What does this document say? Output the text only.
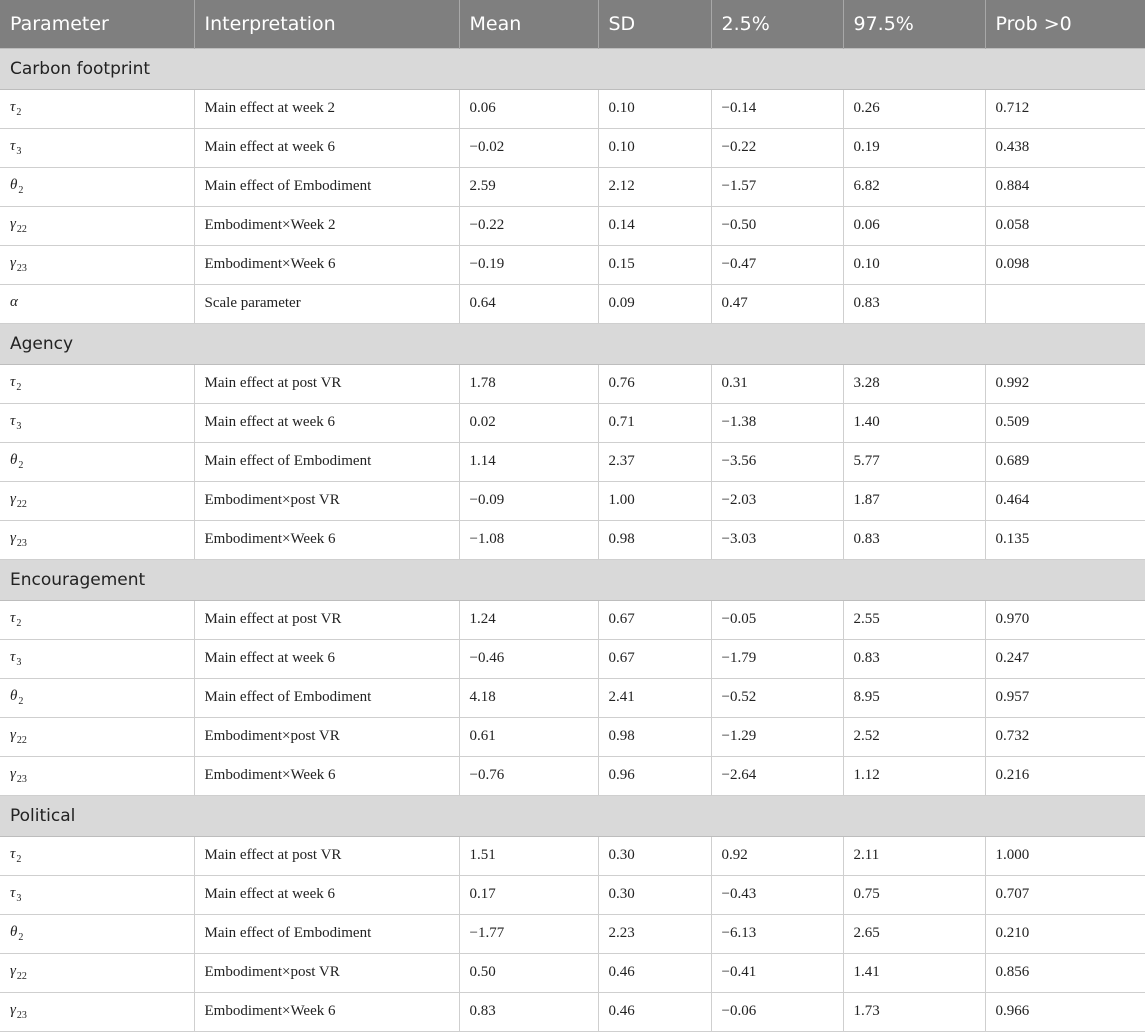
Parameter	Interpretation	Mean	SD	2.5%	97.5%	Prob >0
Carbon footprint						
$\tau_2$	Main effect at week 2	0.06	0.10	−0.14	0.26	0.712
$\tau_3$	Main effect at week 6	−0.02	0.10	−0.22	0.19	0.438
$\theta_2$	Main effect of Embodiment	2.59	2.12	−1.57	6.82	0.884
$\gamma_{22}$	Embodiment×Week 2	−0.22	0.14	−0.50	0.06	0.058
$\gamma_{23}$	Embodiment×Week 6	−0.19	0.15	−0.47	0.10	0.098
α	Scale parameter	0.64	0.09	0.47	0.83	
Agency						
$\tau_2$	Main effect at post VR	1.78	0.76	0.31	3.28	0.992
$\tau_3$	Main effect at week 6	0.02	0.71	−1.38	1.40	0.509
$\theta_2$	Main effect of Embodiment	1.14	2.37	−3.56	5.77	0.689
$\gamma_{22}$	Embodiment×post VR	−0.09	1.00	−2.03	1.87	0.464
$\gamma_{23}$	Embodiment×Week 6	−1.08	0.98	−3.03	0.83	0.135
Encouragement						
$\tau_2$	Main effect at post VR	1.24	0.67	−0.05	2.55	0.970
$\tau_3$	Main effect at week 6	−0.46	0.67	−1.79	0.83	0.247
$\theta_2$	Main effect of Embodiment	4.18	2.41	−0.52	8.95	0.957
$\gamma_{22}$	Embodiment×post VR	0.61	0.98	−1.29	2.52	0.732
$\gamma_{23}$	Embodiment×Week 6	−0.76	0.96	−2.64	1.12	0.216
Political						
$\tau_2$	Main effect at post VR	1.51	0.30	0.92	2.11	1.000
$\tau_3$	Main effect at week 6	0.17	0.30	−0.43	0.75	0.707
$\theta_2$	Main effect of Embodiment	−1.77	2.23	−6.13	2.65	0.210
$\gamma_{22}$	Embodiment×post VR	0.50	0.46	−0.41	1.41	0.856
$\gamma_{23}$	Embodiment×Week 6	0.83	0.46	−0.06	1.73	0.966
